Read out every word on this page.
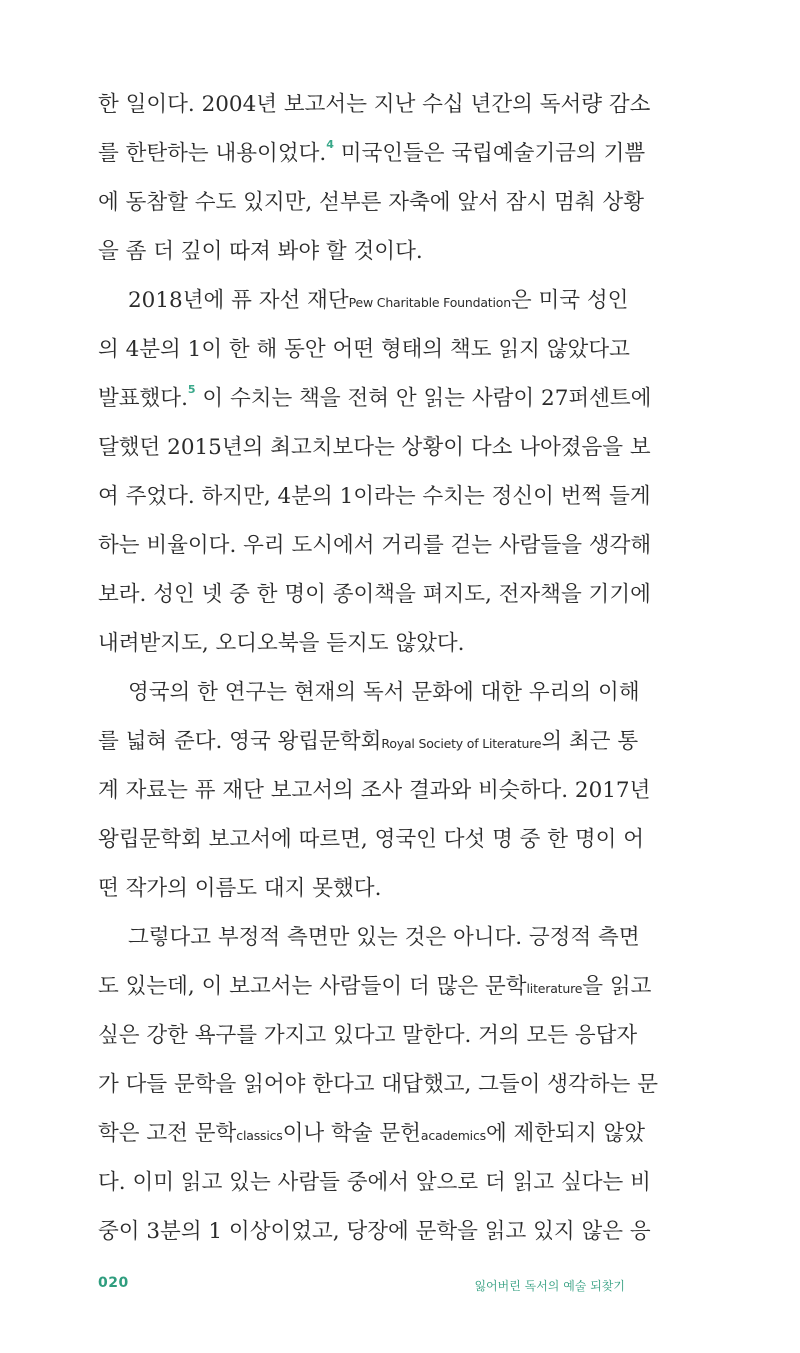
한 일이다. 2004년 보고서는 지난 수십 년간의 독서량 감소
를 한탄하는 내용이었다.$^4$ 미국인들은 국립예술기금의 기쁨
에 동참할 수도 있지만, 섣부른 자축에 앞서 잠시 멈춰 상황
을 좀 더 깊이 따져 봐야 할 것이다.
2018년에 퓨 자선 재단Pew Charitable Foundation은 미국 성인
의 4분의 1이 한 해 동안 어떤 형태의 책도 읽지 않았다고
발표했다.$^5$ 이 수치는 책을 전혀 안 읽는 사람이 27퍼센트에
달했던 2015년의 최고치보다는 상황이 다소 나아졌음을 보
여 주었다. 하지만, 4분의 1이라는 수치는 정신이 번쩍 들게
하는 비율이다. 우리 도시에서 거리를 걷는 사람들을 생각해
보라. 성인 넷 중 한 명이 종이책을 펴지도, 전자책을 기기에
내려받지도, 오디오북을 듣지도 않았다.
영국의 한 연구는 현재의 독서 문화에 대한 우리의 이해
를 넓혀 준다. 영국 왕립문학회Royal Society of Literature의 최근 통
계 자료는 퓨 재단 보고서의 조사 결과와 비슷하다. 2017년
왕립문학회 보고서에 따르면, 영국인 다섯 명 중 한 명이 어
떤 작가의 이름도 대지 못했다.
그렇다고 부정적 측면만 있는 것은 아니다. 긍정적 측면
도 있는데, 이 보고서는 사람들이 더 많은 문학literature을 읽고
싶은 강한 욕구를 가지고 있다고 말한다. 거의 모든 응답자
가 다들 문학을 읽어야 한다고 대답했고, 그들이 생각하는 문
학은 고전 문학classics이나 학술 문헌academics에 제한되지 않았
다. 이미 읽고 있는 사람들 중에서 앞으로 더 읽고 싶다는 비
중이 3분의 1 이상이었고, 당장에 문학을 읽고 있지 않은 응
020	잃어버린 독서의 예술 되찾기
